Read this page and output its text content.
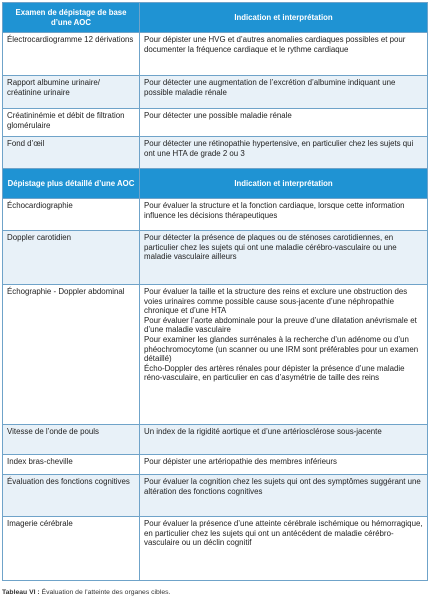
Examen de dépistage de base d’une AOC	Indication et interprétation
Électrocardiogramme 12 dérivations	Pour dépister une HVG et d’autres anomalies cardiaques possibles et pour documenter la fréquence cardiaque et le rythme cardiaque
Rapport albumine urinaire/ créatinine urinaire	Pour détecter une augmentation de l’excrétion d’albumine indiquant une possible maladie rénale
Créatininémie et débit de filtration glomérulaire	Pour détecter une possible maladie rénale
Fond d’œil	Pour détecter une rétinopathie hypertensive, en particulier chez les sujets qui ont une HTA de grade 2 ou 3
Dépistage plus détaillé d’une AOC	Indication et interprétation
Échocardiographie	Pour évaluer la structure et la fonction cardiaque, lorsque cette information influence les décisions thérapeutiques
Doppler carotidien	Pour détecter la présence de plaques ou de sténoses carotidiennes, en particulier chez les sujets qui ont une maladie cérébro-vasculaire ou une maladie vasculaire ailleurs
Échographie - Doppler abdominal	Pour évaluer la taille et la structure des reins et exclure une obstruction des voies urinaires comme possible cause sous-jacente d’une néphropathie chronique et d’une HTA
Pour évaluer l’aorte abdominale pour la preuve d’une dilatation anévrismale et d’une maladie vasculaire
Pour examiner les glandes surrénales à la recherche d’un adénome ou d’un phéochromocytome (un scanner ou une IRM sont préférables pour un examen détaillé)
Écho-Doppler des artères rénales pour dépister la présence d’une maladie réno-vasculaire, en particulier en cas d’asymétrie de taille des reins
Vitesse de l’onde de pouls	Un index de la rigidité aortique et d’une artériosclérose sous-jacente
Index bras-cheville	Pour dépister une artériopathie des membres inférieurs
Évaluation des fonctions cognitives	Pour évaluer la cognition chez les sujets qui ont des symptômes suggérant une altération des fonctions cognitives
Imagerie cérébrale	Pour évaluer la présence d’une atteinte cérébrale ischémique ou hémorragique, en particulier chez les sujets qui ont un antécédent de maladie cérébro-vasculaire ou un déclin cognitif
Tableau VI : Évaluation de l’atteinte des organes cibles.
